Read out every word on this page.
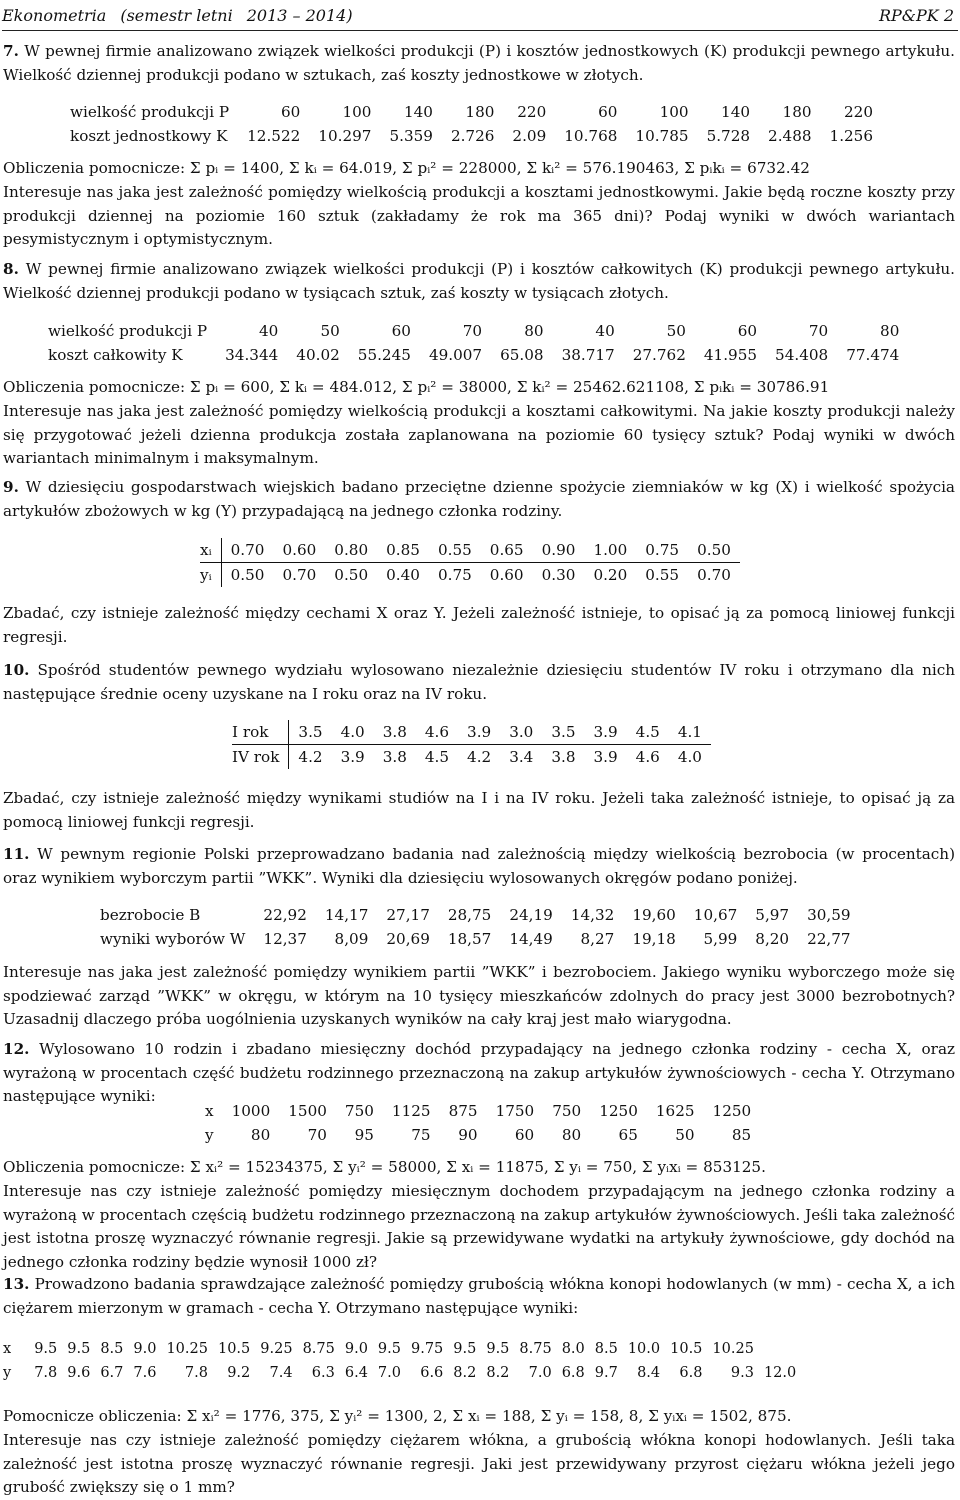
Ekonometria (semestr letni 2013 – 2014)	RP&PK 2
7. W pewnej firmie analizowano związek wielkości produkcji (P) i kosztów jednostkowych (K) produkcji pewnego artykułu. Wielkość dziennej produkcji podano w sztukach, zaś koszty jednostkowe w złotych.
wielkość produkcji P	60	100	140	180	220	60	100	140	180	220
koszt jednostkowy K	12.522	10.297	5.359	2.726	2.09	10.768	10.785	5.728	2.488	1.256
Obliczenia pomocnicze: Σ pᵢ = 1400, Σ kᵢ = 64.019, Σ pᵢ² = 228000, Σ kᵢ² = 576.190463, Σ pᵢkᵢ = 6732.42
Interesuje nas jaka jest zależność pomiędzy wielkością produkcji a kosztami jednostkowymi. Jakie będą roczne koszty przy produkcji dziennej na poziomie 160 sztuk (zakładamy że rok ma 365 dni)? Podaj wyniki w dwóch wariantach pesymistycznym i optymistycznym.
8. W pewnej firmie analizowano związek wielkości produkcji (P) i kosztów całkowitych (K) produkcji pewnego artykułu. Wielkość dziennej produkcji podano w tysiącach sztuk, zaś koszty w tysiącach złotych.
wielkość produkcji P	40	50	60	70	80	40	50	60	70	80
koszt całkowity K	34.344	40.02	55.245	49.007	65.08	38.717	27.762	41.955	54.408	77.474
Obliczenia pomocnicze: Σ pᵢ = 600, Σ kᵢ = 484.012, Σ pᵢ² = 38000, Σ kᵢ² = 25462.621108, Σ pᵢkᵢ = 30786.91
Interesuje nas jaka jest zależność pomiędzy wielkością produkcji a kosztami całkowitymi. Na jakie koszty produkcji należy się przygotować jeżeli dzienna produkcja została zaplanowana na poziomie 60 tysięcy sztuk? Podaj wyniki w dwóch wariantach minimalnym i maksymalnym.
9. W dziesięciu gospodarstwach wiejskich badano przeciętne dzienne spożycie ziemniaków w kg (X) i wielkość spożycia artykułów zbożowych w kg (Y) przypadającą na jednego członka rodziny.
xᵢ	0.70	0.60	0.80	0.85	0.55	0.65	0.90	1.00	0.75	0.50
yᵢ	0.50	0.70	0.50	0.40	0.75	0.60	0.30	0.20	0.55	0.70
Zbadać, czy istnieje zależność między cechami X oraz Y. Jeżeli zależność istnieje, to opisać ją za pomocą liniowej funkcji regresji.
10. Spośród studentów pewnego wydziału wylosowano niezależnie dziesięciu studentów IV roku i otrzymano dla nich następujące średnie oceny uzyskane na I roku oraz na IV roku.
I rok	3.5	4.0	3.8	4.6	3.9	3.0	3.5	3.9	4.5	4.1
IV rok	4.2	3.9	3.8	4.5	4.2	3.4	3.8	3.9	4.6	4.0
Zbadać, czy istnieje zależność między wynikami studiów na I i na IV roku. Jeżeli taka zależność istnieje, to opisać ją za pomocą liniowej funkcji regresji.
11. W pewnym regionie Polski przeprowadzano badania nad zależnością między wielkością bezrobocia (w procentach) oraz wynikiem wyborczym partii ”WKK”. Wyniki dla dziesięciu wylosowanych okręgów podano poniżej.
bezrobocie B	22,92	14,17	27,17	28,75	24,19	14,32	19,60	10,67	5,97	30,59
wyniki wyborów W	12,37	8,09	20,69	18,57	14,49	8,27	19,18	5,99	8,20	22,77
Interesuje nas jaka jest zależność pomiędzy wynikiem partii ”WKK” i bezrobociem. Jakiego wyniku wyborczego może się spodziewać zarząd ”WKK” w okręgu, w którym na 10 tysięcy mieszkańców zdolnych do pracy jest 3000 bezrobotnych? Uzasadnij dlaczego próba uogólnienia uzyskanych wyników na cały kraj jest mało wiarygodna.
12. Wylosowano 10 rodzin i zbadano miesięczny dochód przypadający na jednego członka rodziny - cecha X, oraz wyrażoną w procentach część budżetu rodzinnego przeznaczoną na zakup artykułów żywnościowych - cecha Y. Otrzymano następujące wyniki:
x	1000	1500	750	1125	875	1750	750	1250	1625	1250
y	80	70	95	75	90	60	80	65	50	85
Obliczenia pomocnicze: Σ xᵢ² = 15234375, Σ yᵢ² = 58000, Σ xᵢ = 11875, Σ yᵢ = 750, Σ yᵢxᵢ = 853125.
Interesuje nas czy istnieje zależność pomiędzy miesięcznym dochodem przypadającym na jednego członka rodziny a wyrażoną w procentach częścią budżetu rodzinnego przeznaczoną na zakup artykułów żywnościowych. Jeśli taka zależność jest istotna proszę wyznaczyć równanie regresji. Jakie są przewidywane wydatki na artykuły żywnościowe, gdy dochód na jednego członka rodziny będzie wynosił 1000 zł?
13. Prowadzono badania sprawdzające zależność pomiędzy grubością włókna konopi hodowlanych (w mm) - cecha X, a ich ciężarem mierzonym w gramach - cecha Y. Otrzymano następujące wyniki:
x	9.5	9.5	8.5	9.0	10.25	10.5	9.25	8.75	9.0	9.5	9.75	9.5	9.5	8.75	8.0	8.5	10.0	10.5	10.25	
y	7.8	9.6	6.7	7.6	7.8	9.2	7.4	6.3	6.4	7.0	6.6	8.2	8.2	7.0	6.8	9.7	8.4	6.8	9.3	12.0
Pomocnicze obliczenia: Σ xᵢ² = 1776, 375, Σ yᵢ² = 1300, 2, Σ xᵢ = 188, Σ yᵢ = 158, 8, Σ yᵢxᵢ = 1502, 875.
Interesuje nas czy istnieje zależność pomiędzy ciężarem włókna, a grubością włókna konopi hodowlanych. Jeśli taka zależność jest istotna proszę wyznaczyć równanie regresji. Jaki jest przewidywany przyrost ciężaru włókna jeżeli jego grubość zwiększy się o 1 mm?
